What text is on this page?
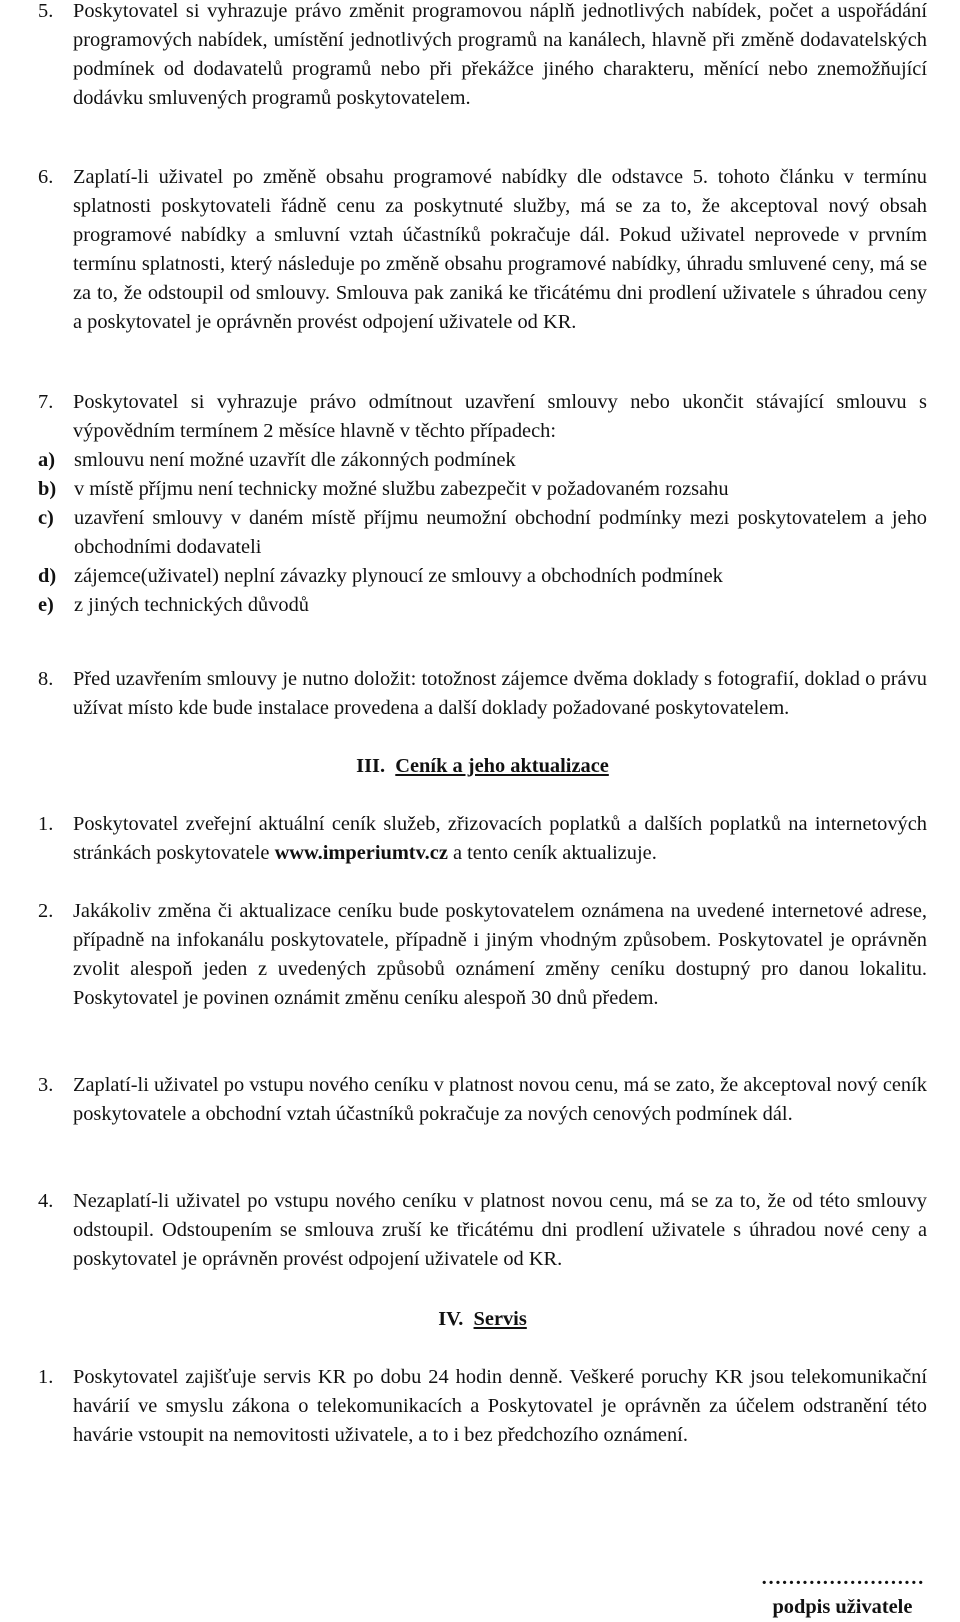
5. Poskytovatel si vyhrazuje právo změnit programovou náplň jednotlivých nabídek, počet a uspořádání programových nabídek, umístění jednotlivých programů na kanálech, hlavně při změně dodavatelských podmínek od dodavatelů programů nebo při překážce jiného charakteru, měnící nebo znemožňující dodávku smluvených programů poskytovatelem.
6. Zaplatí-li uživatel po změně obsahu programové nabídky dle odstavce 5. tohoto článku v termínu splatnosti poskytovateli řádně cenu za poskytnuté služby, má se za to, že akceptoval nový obsah programové nabídky a smluvní vztah účastníků pokračuje dál. Pokud uživatel neprovede v prvním termínu splatnosti, který následuje po změně obsahu programové nabídky, úhradu smluvené ceny, má se za to, že odstoupil od smlouvy. Smlouva pak zaniká ke třicátému dni prodlení uživatele s úhradou ceny a poskytovatel je oprávněn provést odpojení uživatele od KR.
7. Poskytovatel si vyhrazuje právo odmítnout uzavření smlouvy nebo ukončit stávající smlouvu s výpovědním termínem 2 měsíce hlavně v těchto případech:
a) smlouvu není možné uzavřít dle zákonných podmínek
b) v místě příjmu není technicky možné službu zabezpečit v požadovaném rozsahu
c) uzavření smlouvy v daném místě příjmu neumožní obchodní podmínky mezi poskytovatelem a jeho obchodními dodavateli
d) zájemce(uživatel) neplní závazky plynoucí ze smlouvy a obchodních podmínek
e) z jiných technických důvodů
8. Před uzavřením smlouvy je nutno doložit: totožnost zájemce dvěma doklady s fotografií, doklad o právu užívat místo kde bude instalace provedena a další doklady požadované poskytovatelem.
III. Ceník a jeho aktualizace
1. Poskytovatel zveřejní aktuální ceník služeb, zřizovacích poplatků a dalších poplatků na internetových stránkách poskytovatele www.imperiumtv.cz a tento ceník aktualizuje.
2. Jakákoliv změna či aktualizace ceníku bude poskytovatelem oznámena na uvedené internetové adrese, případně na infokanálu poskytovatele, případně i jiným vhodným způsobem. Poskytovatel je oprávněn zvolit alespoň jeden z uvedených způsobů oznámení změny ceníku dostupný pro danou lokalitu. Poskytovatel je povinen oznámit změnu ceníku alespoň 30 dnů předem.
3. Zaplatí-li uživatel po vstupu nového ceníku v platnost novou cenu, má se zato, že akceptoval nový ceník poskytovatele a obchodní vztah účastníků pokračuje za nových cenových podmínek dál.
4. Nezaplatí-li uživatel po vstupu nového ceníku v platnost novou cenu, má se za to, že od této smlouvy odstoupil. Odstoupením se smlouva zruší ke třicátému dni prodlení uživatele s úhradou nové ceny a poskytovatel je oprávněn provést odpojení uživatele od KR.
IV. Servis
1. Poskytovatel zajišťuje servis KR po dobu 24 hodin denně. Veškeré poruchy KR jsou telekomunikační havárií ve smyslu zákona o telekomunikacích a Poskytovatel je oprávněn za účelem odstranění této havárie vstoupit na nemovitosti uživatele, a to i bez předchozího oznámení.
……………………
podpis uživatele
